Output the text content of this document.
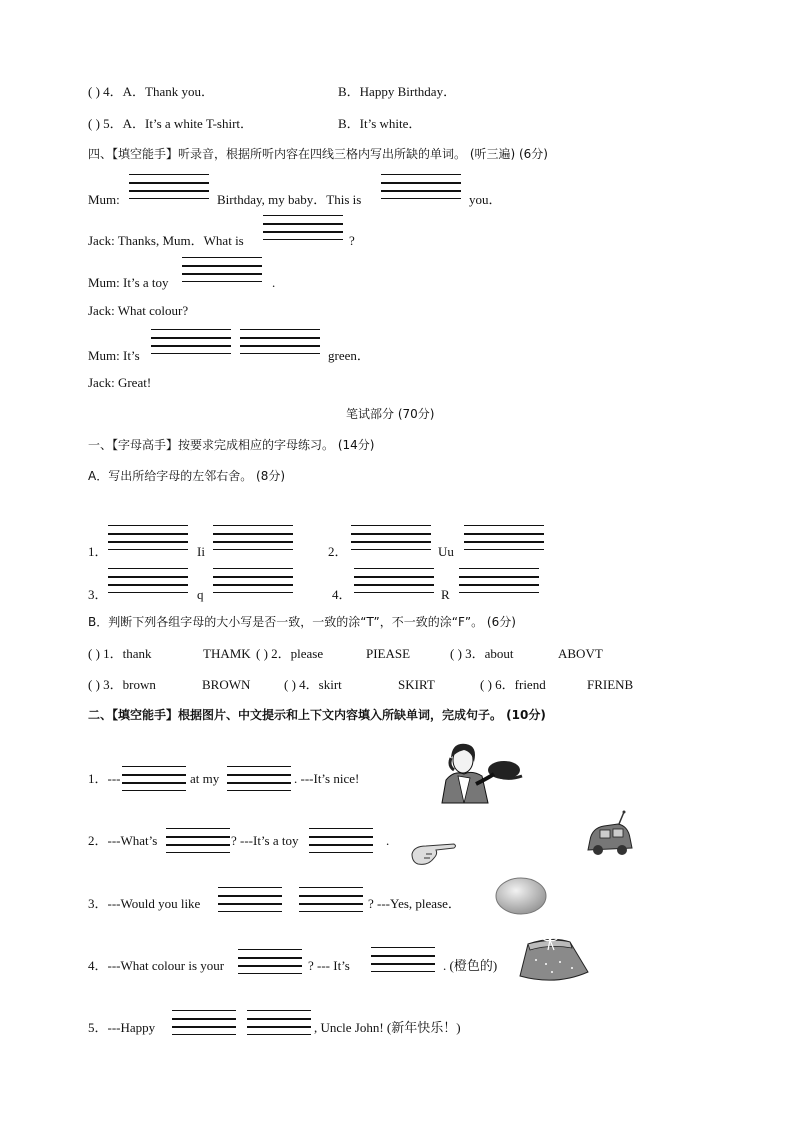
( ) 4．A．Thank you．	B．Happy Birthday．
( ) 5．A．It’s a white T-shirt．	B．It’s white．
四、【填空能手】听录音，根据所听内容在四线三格内写出所缺的单词。 (听三遍) (6分)
Mum:	Birthday, my baby．This is	you．
Jack: Thanks, Mum．What is	?
Mum: It’s a toy	.
Jack: What colour?
Mum: It’s	green．
Jack: Great!
笔试部分 (70分)
一、【字母高手】按要求完成相应的字母练习。 (14分)
A．写出所给字母的左邻右舍。 (8分)
1．	Ii	2．	Uu
3．	q	4．	R
B．判断下列各组字母的大小写是否一致，一致的涂“T”，不一致的涂“F”。 (6分)
( ) 1．thank	THAMK ( ) 2．please	PIEASE	( ) 3．about	ABOVT
( ) 3．brown	BROWN	( ) 4．skirt	SKIRT	( ) 6．friend	FRIENB
二、【填空能手】根据图片、中文提示和上下文内容填入所缺单词，完成句子。 (10分)
1．---	at my	. ---It’s nice!
2．---What’s	? ---It’s a toy	.
3．---Would you like	? ---Yes, please．
4．---What colour is your	? --- It’s	. (橙色的)
5．---Happy	, Uncle John! (新年快乐！)
